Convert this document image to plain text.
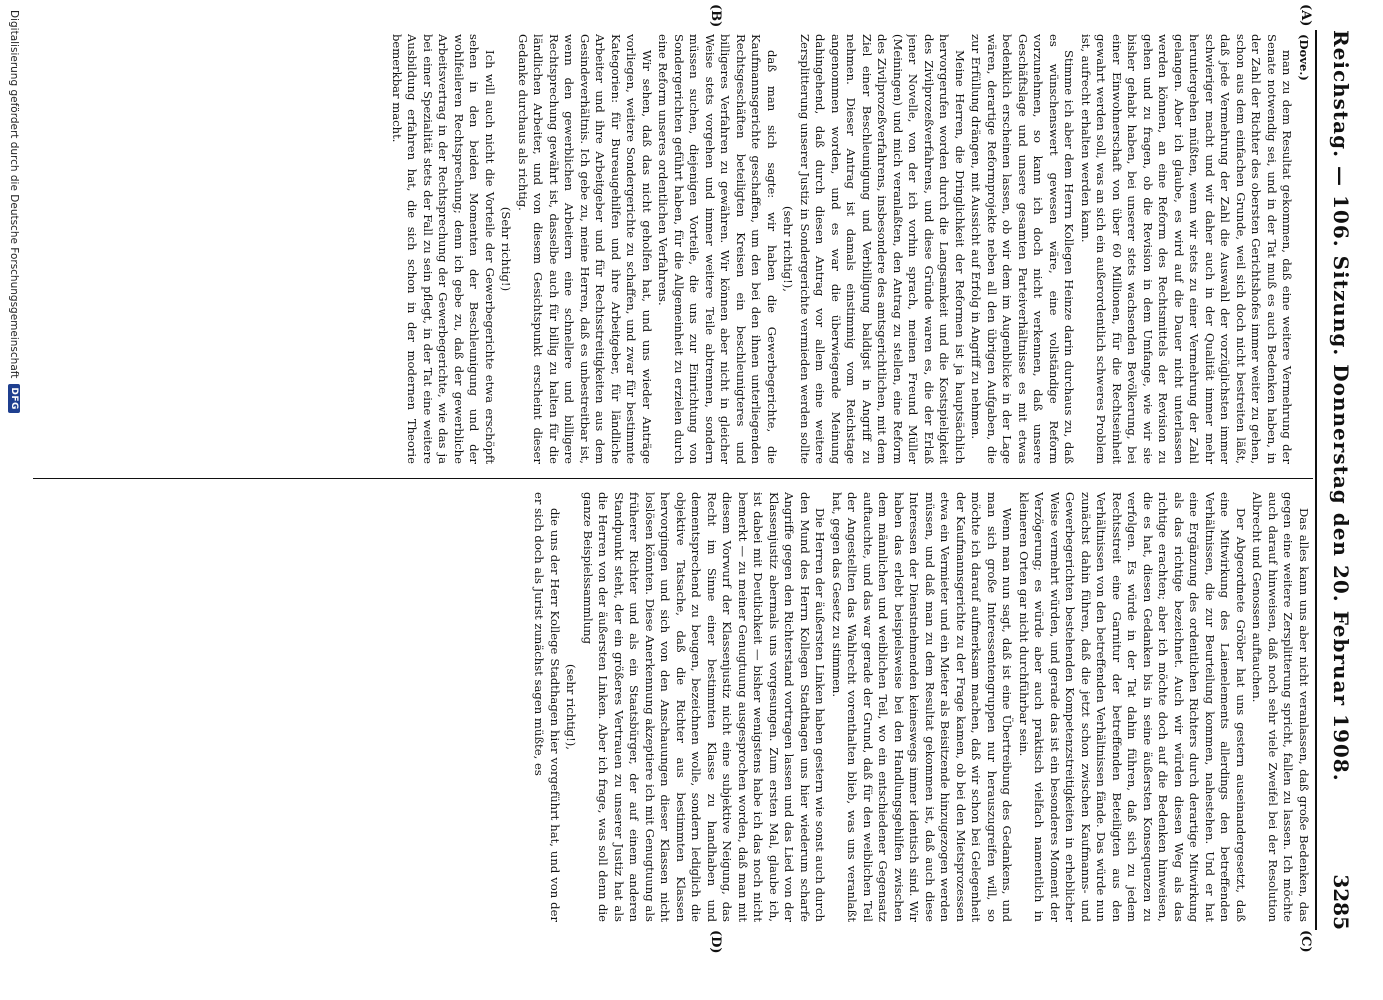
Reichstag. — 106. Sitzung. Donnerstag den 20. Februar 1908.
3285
(A)
(B)
(C)
(D)

(Dove.)

man zu dem Resultat gekommen, daß eine weitere Vermehrung der Senate notwendig sei, und in der Tat muß es auch Bedenken haben, in der Zahl der Richter des obersten Gerichtshofes immer weiter zu gehen, schon aus dem einfachen Grunde, weil sich doch nicht bestreiten läßt, daß jede Vermehrung der Zahl die Auswahl der vorzüglichsten immer schwieriger macht und wir daher auch in der Qualität immer mehr heruntergehen müßten, wenn wir stets zu einer Vermehrung der Zahl gelangen. Aber ich glaube, es wird auf die Dauer nicht unterlassen werden können, an eine Reform des Rechtsmittels der Revision zu gehen und zu fragen, ob die Revision in dem Umfange, wie wir sie bisher gehabt haben, bei unserer stets wachsenden Bevölkerung, bei einer Einwohnerschaft von über 60 Millionen, für die Rechtseinheit gewahrt werden soll, was an sich ein außerordentlich schweres Problem ist, aufrecht erhalten werden kann.

Stimme ich aber dem Herrn Kollegen Heinze darin durchaus zu, daß es wünschenswert gewesen wäre, eine vollständige Reform vorzunehmen, so kann ich doch nicht verkennen, daß unsere Geschäftslage und unsere gesamten Parteiverhältnisse es mit etwas bedenklich erscheinen lassen, ob wir dem im Augenblicke in der Lage wären, derartige Reformprojekte neben all den übrigen Aufgaben, die zur Erfüllung drängen, mit Aussicht auf Erfolg in Angriff zu nehmen.

Meine Herren, die Dringlichkeit der Reformen ist ja hauptsächlich hervorgerufen worden durch die Langsamkeit und die Kostspieligkeit des Zivilprozeßverfahrens, und diese Gründe waren es, die der Erlaß jener Novelle, von der ich vorhin sprach, meinen Freund Müller (Meiningen) und mich veranlaßten, den Antrag zu stellen, eine Reform des Zivilprozeßverfahrens, insbesondere des amtsgerichtlichen, mit dem Ziel einer Beschleunigung und Verbilligung baldigst in Angriff zu nehmen. Dieser Antrag ist damals einstimmig vom Reichstage angenommen worden, und es war die überwiegende Meinung dahingehend, daß durch diesen Antrag vor allem eine weitere Zersplitterung unserer Justiz in Sondergerichte vermieden werden sollte

(sehr richtig!),

daß man sich sagte: wir haben die Gewerbegerichte, die Kaufmannsgerichte geschaffen, um den bei den ihnen unterliegenden Rechtsgeschäften beteiligten Kreisen ein beschleunigteres und billigeres Verfahren zu gewähren. Wir können aber nicht in gleicher Weise stets vorgehen und immer weitere Teile abtrennen, sondern müssen suchen, diejenigen Vorteile, die uns zur Einrichtung von Sondergerichten geführt haben, für die Allgemeinheit zu erzielen durch eine Reform unseres ordentlichen Verfahrens.

Wir sehen, daß das nicht geholfen hat, und uns wieder Anträge vorliegen, weitere Sondergerichte zu schaffen, und zwar für bestimmte Kategorien: für Bureaugehilfen und ihre Arbeitgeber, für ländliche Arbeiter und ihre Arbeitgeber und für Rechtsstreitigkeiten aus dem Gesindeverhältnis. Ich gebe zu, meine Herren, daß es unbestreitbar ist, wenn den gewerblichen Arbeitern eine schnellere und billigere Rechtsprechung gewährt ist, dasselbe auch für billig zu halten für die ländlichen Arbeiter, und von diesem Gesichtspunkt erscheint dieser Gedanke durchaus als richtig.

(Sehr richtig!)

Ich will auch nicht die Vorteile der Gewerbegerichte etwa erschöpft sehen in den beiden Momenten der Beschleunigung und der wohlfeileren Rechtsprechung; denn ich gebe zu, daß der gewerbliche Arbeitsvertrag in der Rechtsprechung der Gewerbegerichte, wie das ja bei einer Spezialität stets der Fall zu sein pflegt, in der Tat eine weitere Ausbildung erfahren hat, die sich schon in der modernen Theorie bemerkbar macht.

Das alles kann uns aber nicht veranlassen, daß große Bedenken, das gegen eine weitere Zersplitterung spricht, fallen zu lassen. Ich möchte auch darauf hinweisen, daß noch sehr viele Zweifel bei der Resolution Albrecht und Genossen auftauchen.

Der Abgeordnete Gröber hat uns gestern auseinandergesetzt, daß eine Mitwirkung des Laienelements allerdings den betreffenden Verhältnissen, die zur Beurteilung kommen, nahestehen. Und er hat eine Ergänzung des ordentlichen Richters durch derartige Mitwirkung als das richtige bezeichnet. Auch wir würden diesen Weg als das richtige erachten; aber ich möchte doch auf die Bedenken hinweisen, die es hat, diesen Gedanken bis in seine äußersten Konsequenzen zu verfolgen. Es würde in der Tat dahin führen, daß sich zu jedem Rechtsstreit eine Garnitur der betreffenden Beteiligten aus den Verhältnissen von den betreffenden Verhältnissen fände. Das würde nun zunächst dahin führen, daß die jetzt schon zwischen Kaufmanns- und Gewerbegerichten bestehenden Kompetenzstreitigkeiten in erheblicher Weise vermehrt würden, und gerade das ist ein besonderes Moment der Verzögerung; es würde aber auch praktisch vielfach namentlich in kleineren Orten gar nicht durchführbar sein.

Wenn man nun sagt, daß ist eine Übertreibung des Gedankens, und man sich große Interessentengruppen nur herauszugreifen will, so möchte ich darauf aufmerksam machen, daß wir schon bei Gelegenheit der Kaufmannsgerichte zu der Frage kamen, ob bei den Mietsprozessen etwa ein Vermieter und ein Mieter als Beisitzende hinzugezogen werden müssen, und daß man zu dem Resultat gekommen ist, daß auch diese Interessen der Dienstnehmenden keineswegs immer identisch sind. Wir haben das erlebt beispielsweise bei den Handlungsgehilfen zwischen dem männlichen und weiblichen Teil, wo ein entschiedener Gegensatz auftauchte, und das war gerade der Grund, daß für den weiblichen Teil der Angestellten das Wahlrecht vorenthalten blieb, was uns veranlaßt hat, gegen das Gesetz zu stimmen.

Die Herren der äußersten Linken haben gestern wie sonst auch durch den Mund des Herrn Kollegen Stadthagen uns hier wiederum scharfe Angriffe gegen den Richterstand vortragen lassen und das Lied von der Klassenjustiz abermals uns vorgesungen. Zum ersten Mal, glaube ich, ist dabei mit Deutlichkeit — bisher wenigstens habe ich das noch nicht bemerkt — zu meiner Genugtuung ausgesprochen worden, daß man mit diesem Vorwurf der Klassenjustiz nicht eine subjektive Neigung, das Recht im Sinne einer bestimmten Klasse zu handhaben und dementsprechend zu beugen, bezeichnen wolle, sondern lediglich die objektive Tatsache, daß die Richter aus bestimmten Klassen hervorgingen und sich von den Anschauungen dieser Klassen nicht loslösen könnten. Diese Anerkennung akzeptiere ich mit Genugtuung als früherer Richter und als ein Staatsbürger, der auf einem anderen Standpunkt steht, der ein größeres Vertrauen zu unserer Justiz hat als die Herren von der äußersten Linken. Aber ich frage, was soll denn die ganze Beispielssammlung

(sehr richtig!),

die uns der Herr Kollege Stadthagen hier vorgeführt hat, und von der er sich doch als Jurist zunächst sagen müßte, es

Digitalisierung gefördert durch die Deutsche Forschungsgemeinschaft
DFG
